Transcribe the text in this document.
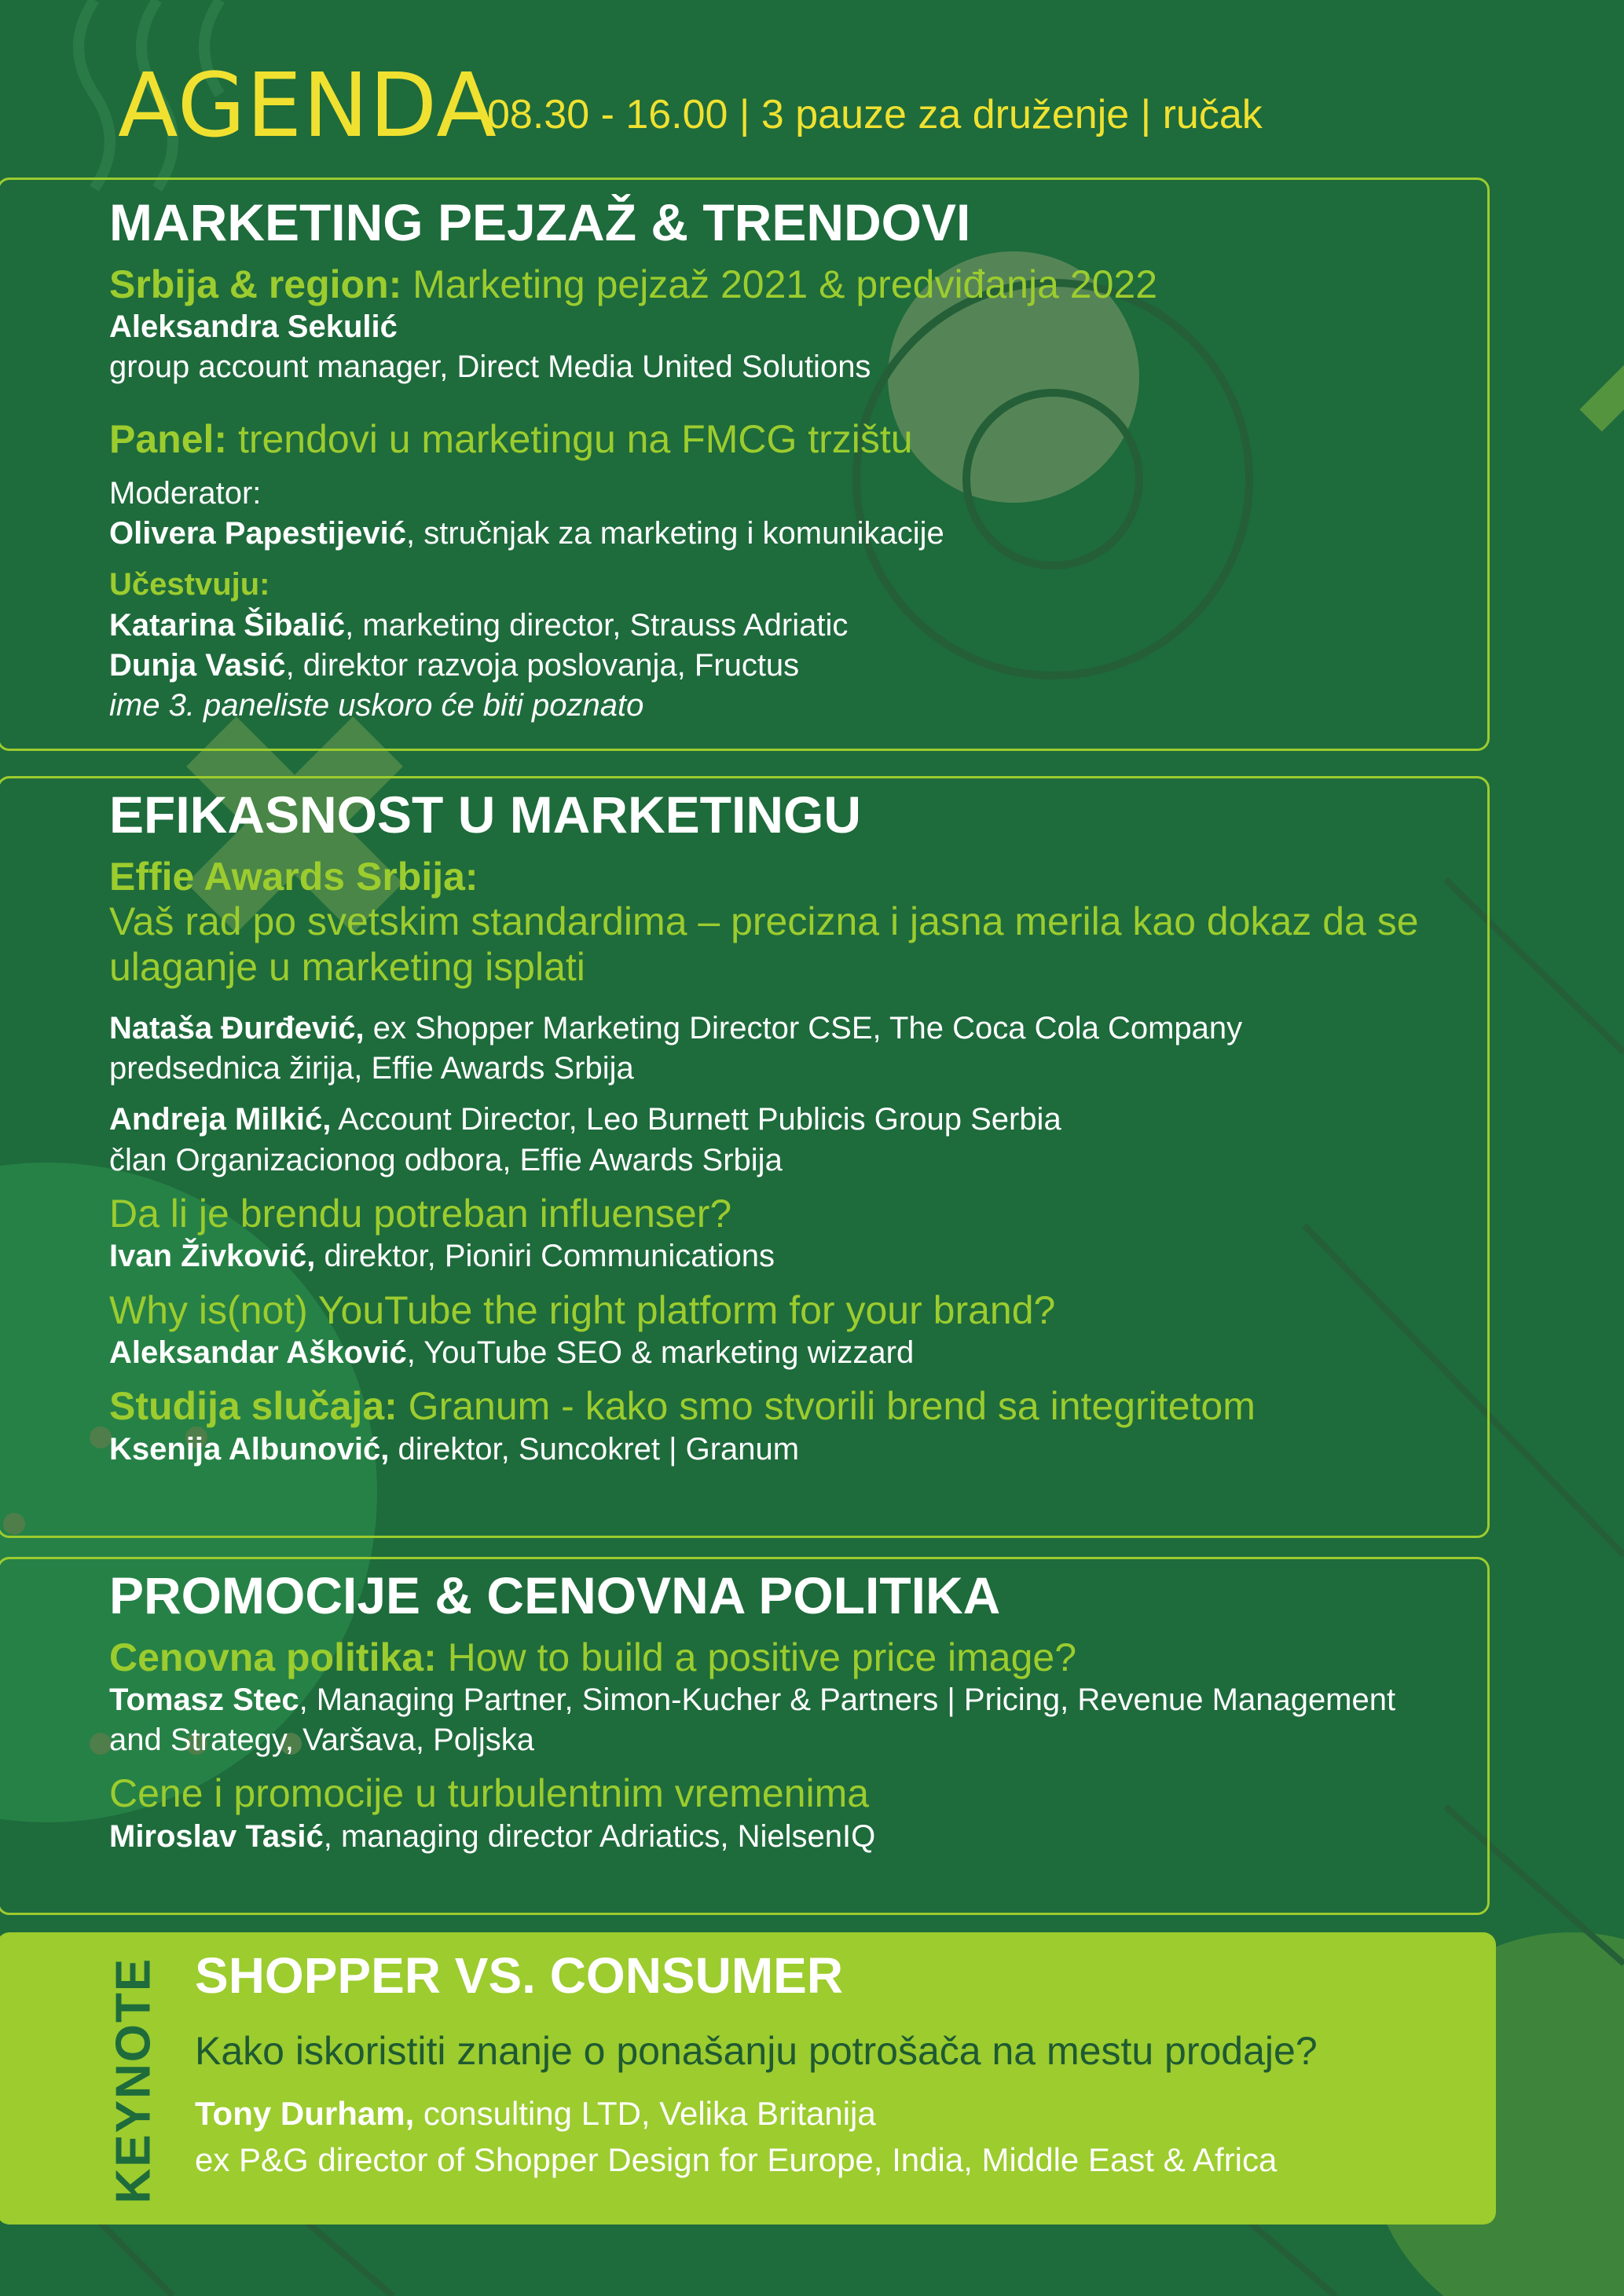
AGENDA
08.30 - 16.00 | 3 pauze za druženje | ručak

MARKETING PEJZAŽ & TRENDOVI

Srbija & region: Marketing pejzaž 2021 & predviđanja 2022

Aleksandra Sekulić

group account manager, Direct Media United Solutions

Panel: trendovi u marketingu na FMCG trzištu

Moderator:

Olivera Papestijević, stručnjak za marketing i komunikacije

Učestvuju:

Katarina Šibalić, marketing director, Strauss Adriatic

Dunja Vasić, direktor razvoja poslovanja, Fructus

ime 3. paneliste uskoro će biti poznato

EFIKASNOST U MARKETINGU

Effie Awards Srbija:

Vaš rad po svetskim standardima – precizna i jasna merila kao dokaz da se ulaganje u marketing isplati

Nataša Đurđević, ex Shopper Marketing Director CSE, The Coca Cola Company

predsednica žirija, Effie Awards Srbija

Andreja Milkić, Account Director, Leo Burnett Publicis Group Serbia

član Organizacionog odbora, Effie Awards Srbija

Da li je brendu potreban influenser?

Ivan Živković, direktor, Pioniri Communications

Why is(not) YouTube the right platform for your brand?

Aleksandar Ašković, YouTube SEO & marketing wizzard

Studija slučaja: Granum - kako smo stvorili brend sa integritetom

Ksenija Albunović, direktor, Suncokret | Granum

PROMOCIJE & CENOVNA POLITIKA

Cenovna politika: How to build a positive price image?

Tomasz Stec, Managing Partner, Simon-Kucher & Partners | Pricing, Revenue Management and Strategy, Varšava, Poljska

Cene i promocije u turbulentnim vremenima

Miroslav Tasić, managing director Adriatics, NielsenIQ

KEYNOTE SHOPPER VS. CONSUMER

Kako iskoristiti znanje o ponašanju potrošača na mestu prodaje?

Tony Durham, consulting LTD, Velika Britanija

ex P&G director of Shopper Design for Europe, India, Middle East & Africa
